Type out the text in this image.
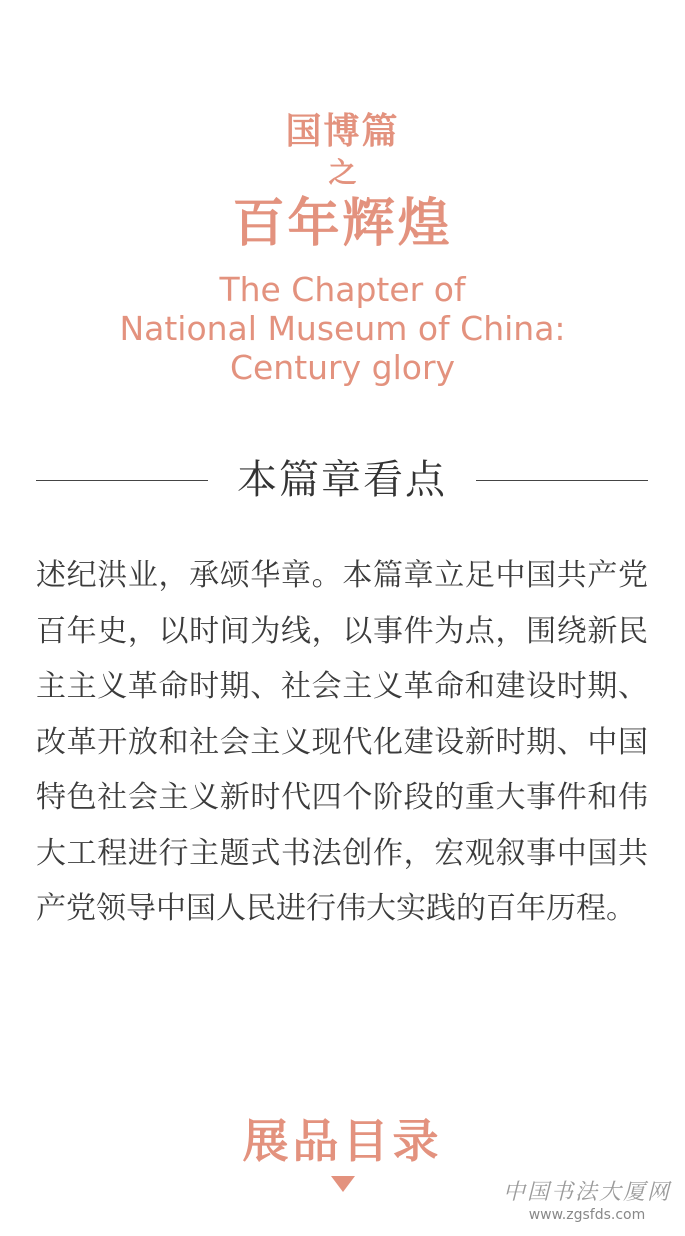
国博篇
之
百年辉煌
The Chapter of
National Museum of China:
Century glory
本篇章看点
述纪洪业，承颂华章。本篇章立足中国共产党百年史，以时间为线，以事件为点，围绕新民主主义革命时期、社会主义革命和建设时期、改革开放和社会主义现代化建设新时期、中国特色社会主义新时代四个阶段的重大事件和伟大工程进行主题式书法创作，宏观叙事中国共产党领导中国人民进行伟大实践的百年历程。
展品目录
中国书法大厦网
www.zgsfds.com
